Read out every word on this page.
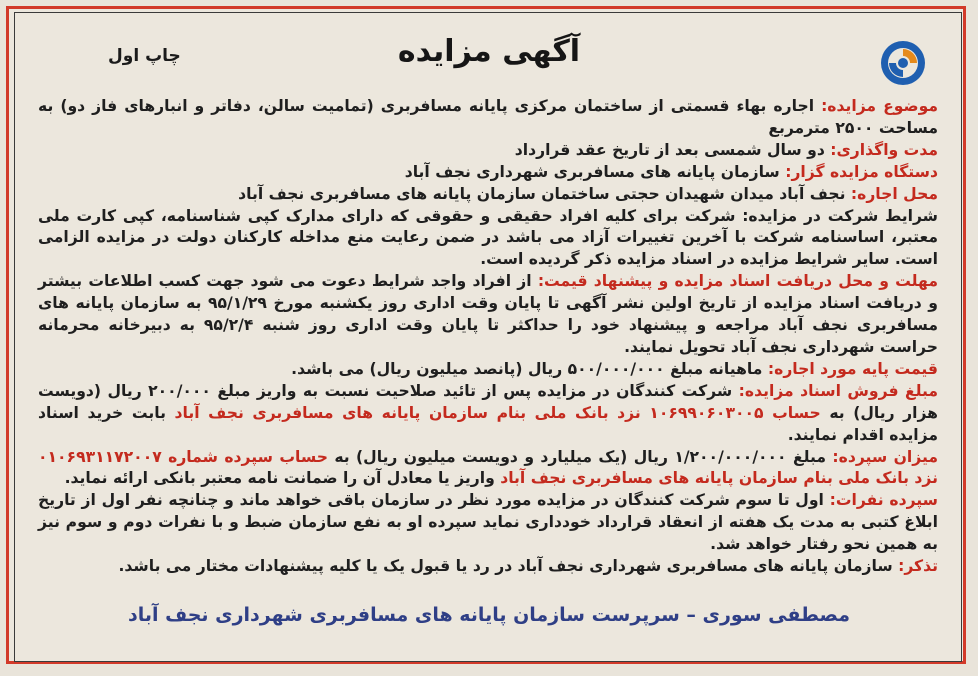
چاپ اول	آگهی مزایده

موضوع مزایده: اجاره بهاء قسمتی از ساختمان مرکزی پایانه مسافربری (تمامیت سالن، دفاتر و انبارهای فاز دو) به مساحت ۲۵۰۰ مترمربع

مدت واگذاری: دو سال شمسی بعد از تاریخ عقد قرارداد

دستگاه مزایده گزار: سازمان پایانه های مسافربری شهرداری نجف آباد

محل اجاره: نجف آباد میدان شهیدان حجتی ساختمان سازمان پایانه های مسافربری نجف آباد

شرایط شرکت در مزایده: شرکت برای کلیه افراد حقیقی و حقوقی که دارای مدارک کپی شناسنامه، کپی کارت ملی معتبر، اساسنامه شرکت با آخرین تغییرات آزاد می باشد در ضمن رعایت منع مداخله کارکنان دولت در مزایده الزامی است. سایر شرایط مزایده در اسناد مزایده ذکر گردیده است.

مهلت و محل دریافت اسناد مزایده و پیشنهاد قیمت: از افراد واجد شرایط دعوت می شود جهت کسب اطلاعات بیشتر و دریافت اسناد مزایده از تاریخ اولین نشر آگهی تا پایان وقت اداری روز یکشنبه مورخ ۹۵/۱/۲۹ به سازمان پایانه های مسافربری نجف آباد مراجعه و پیشنهاد خود را حداکثر تا پایان وقت اداری روز شنبه ۹۵/۲/۴ به دبیرخانه محرمانه حراست شهرداری نجف آباد تحویل نمایند.

قیمت پایه مورد اجاره: ماهیانه مبلغ ۵۰۰/۰۰۰/۰۰۰ ریال (پانصد میلیون ریال) می باشد.

مبلغ فروش اسناد مزایده: شرکت کنندگان در مزایده پس از تائید صلاحیت نسبت به واریز مبلغ ۲۰۰/۰۰۰ ریال (دویست هزار ریال) به حساب ۱۰۶۹۹۰۶۰۳۰۰۵ نزد بانک ملی بنام سازمان پایانه های مسافربری نجف آباد بابت خرید اسناد مزایده اقدام نمایند.

میزان سپرده: مبلغ ۱/۲۰۰/۰۰۰/۰۰۰ ریال (یک میلیارد و دویست میلیون ریال) به حساب سپرده شماره ۰۱۰۶۹۳۱۱۷۲۰۰۷ نزد بانک ملی بنام سازمان پایانه های مسافربری نجف آباد واریز یا معادل آن را ضمانت نامه معتبر بانکی ارائه نماید.

سپرده نفرات: اول تا سوم شرکت کنندگان در مزایده مورد نظر در سازمان باقی خواهد ماند و چنانچه نفر اول از تاریخ ابلاغ کتبی به مدت یک هفته از انعقاد قرارداد خودداری نماید سپرده او به نفع سازمان ضبط و با نفرات دوم و سوم نیز به همین نحو رفتار خواهد شد.

تذکر: سازمان پایانه های مسافربری شهرداری نجف آباد در رد یا قبول یک یا کلیه پیشنهادات مختار می باشد.

مصطفی سوری – سرپرست سازمان پایانه های مسافربری شهرداری نجف آباد
